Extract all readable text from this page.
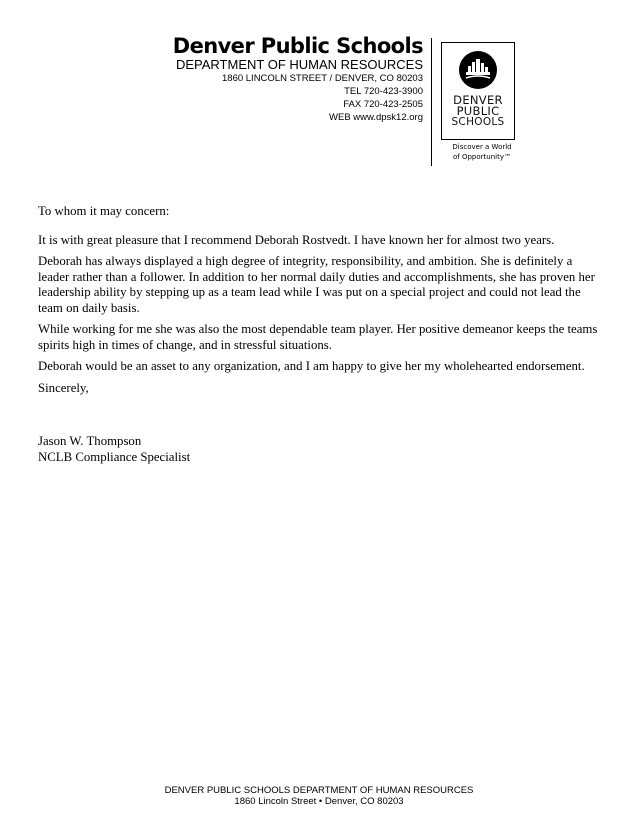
Denver Public Schools
DEPARTMENT OF HUMAN RESOURCES
1860 LINCOLN STREET / DENVER, CO 80203
TEL 720-423-3900
FAX 720-423-2505
WEB www.dpsk12.org
DENVER
PUBLIC
SCHOOLS
Discover a World
of Opportunity™

To whom it may concern:

It is with great pleasure that I recommend Deborah Rostvedt. I have known her for almost two years.

Deborah has always displayed a high degree of integrity, responsibility, and ambition. She is definitely a leader rather than a follower. In addition to her normal daily duties and accomplishments, she has proven her leadership ability by stepping up as a team lead while I was put on a special project and could not lead the team on daily basis.

While working for me she was also the most dependable team player. Her positive demeanor keeps the teams spirits high in times of change, and in stressful situations.

Deborah would be an asset to any organization, and I am happy to give her my wholehearted endorsement.

Sincerely,

Jason W. Thompson
NCLB Compliance Specialist
DENVER PUBLIC SCHOOLS DEPARTMENT OF HUMAN RESOURCES
1860 Lincoln Street • Denver, CO 80203
